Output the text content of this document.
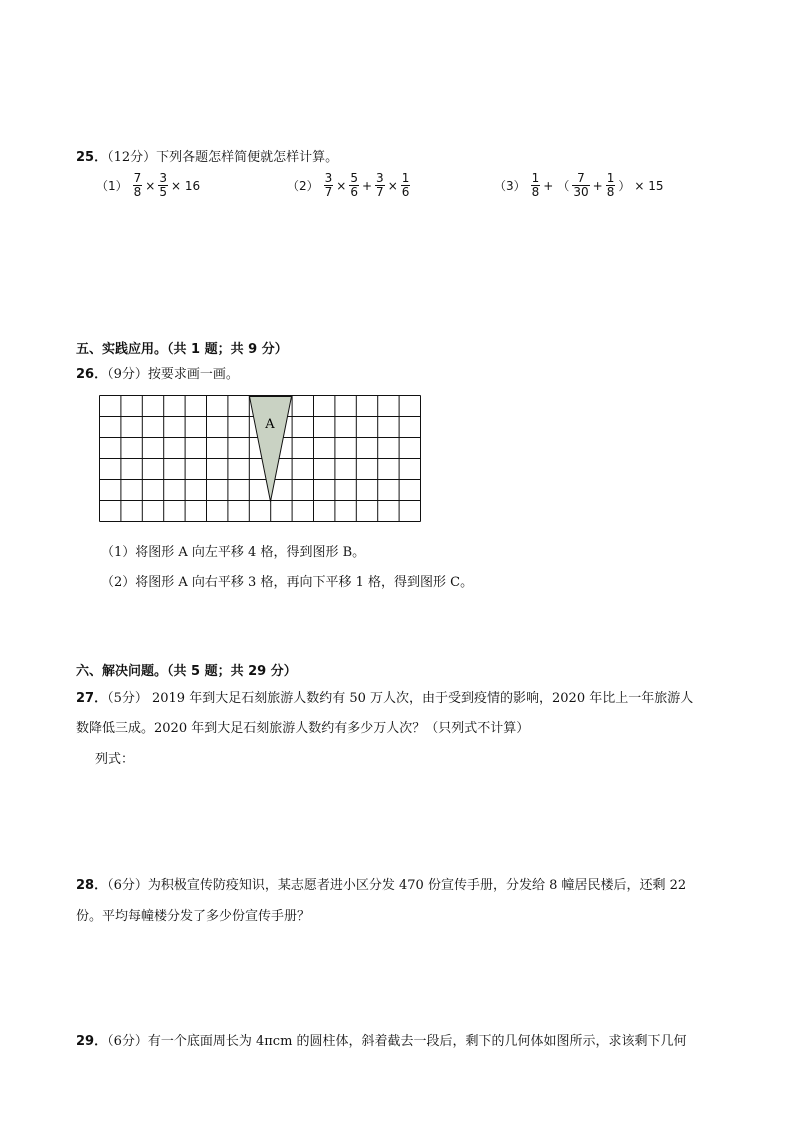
25．（12分）下列各题怎样简便就怎样计算。
$(1) \frac{7}{8} \times \frac{3}{5} \times 16$	$(2) \frac{3}{7} \times \frac{5}{6} + \frac{3}{7} \times \frac{1}{6}$	$(3) \frac{1}{8}$ + （ $\frac{7}{30} + \frac{1}{8}$ ） × 15
五、实践应用。（共 1 题；共 9 分）
26．（9分）按要求画一画。
A
（1）将图形 A 向左平移 4 格，得到图形 B。
（2）将图形 A 向右平移 3 格，再向下平移 1 格，得到图形 C。
六、解决问题。（共 5 题；共 29 分）
27．（5分） 2019 年到大足石刻旅游人数约有 50 万人次，由于受到疫情的影响，2020 年比上一年旅游人
数降低三成。2020 年到大足石刻旅游人数约有多少万人次？（只列式不计算）
列式：
28．（6分）为积极宣传防疫知识，某志愿者进小区分发 470 份宣传手册，分发给 8 幢居民楼后，还剩 22
份。平均每幢楼分发了多少份宣传手册？
29．（6分）有一个底面周长为 4πcm 的圆柱体，斜着截去一段后，剩下的几何体如图所示，求该剩下几何
